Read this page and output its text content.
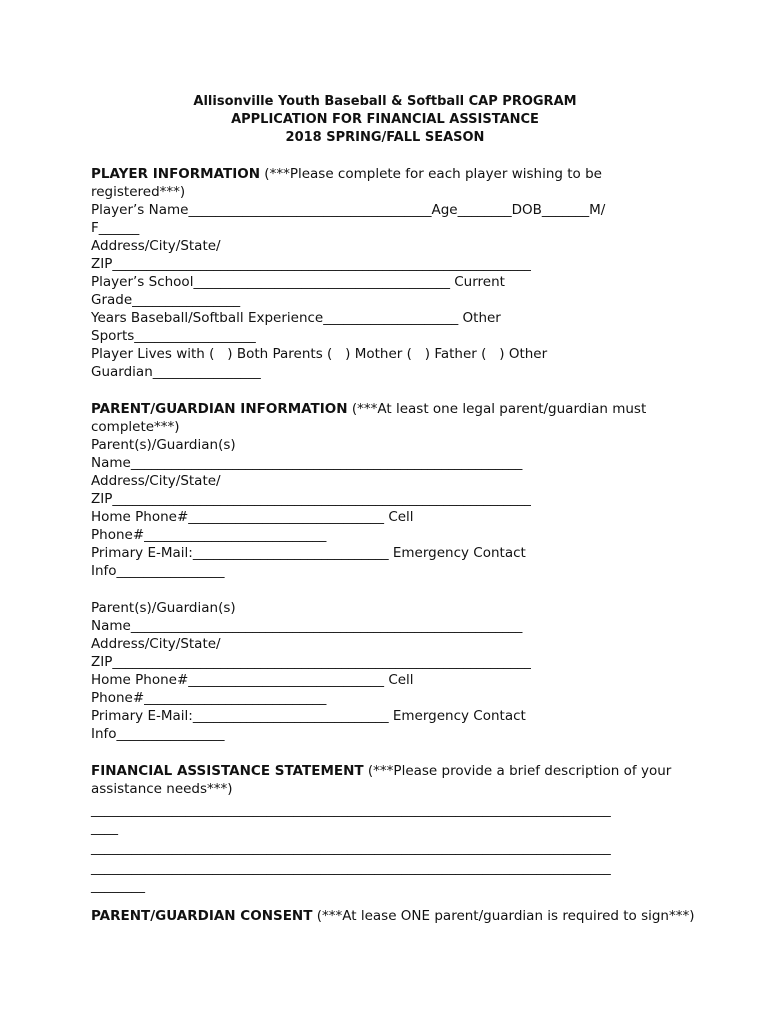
Allisonville Youth Baseball & Softball CAP PROGRAM
APPLICATION FOR FINANCIAL ASSISTANCE
2018 SPRING/FALL SEASON
PLAYER INFORMATION (***Please complete for each player wishing to be
registered***)
Player’s Name____________________________________Age________DOB_______M/
F______
Address/City/State/
ZIP______________________________________________________________
Player’s School______________________________________ Current
Grade________________
Years Baseball/Softball Experience____________________ Other
Sports__________________
Player Lives with (   ) Both Parents (   ) Mother (   ) Father (   ) Other
Guardian________________
PARENT/GUARDIAN INFORMATION (***At least one legal parent/guardian must
complete***)
Parent(s)/Guardian(s)
Name__________________________________________________________
Address/City/State/
ZIP______________________________________________________________
Home Phone#_____________________________ Cell
Phone#___________________________
Primary E-Mail:_____________________________ Emergency Contact
Info________________
Parent(s)/Guardian(s)
Name__________________________________________________________
Address/City/State/
ZIP______________________________________________________________
Home Phone#_____________________________ Cell
Phone#___________________________
Primary E-Mail:_____________________________ Emergency Contact
Info________________
FINANCIAL ASSISTANCE STATEMENT (***Please provide a brief description of your
assistance needs***)
_____________________________________________________________________________
____
_____________________________________________________________________________
_____________________________________________________________________________
________
PARENT/GUARDIAN CONSENT (***At lease ONE parent/guardian is required to sign***)
